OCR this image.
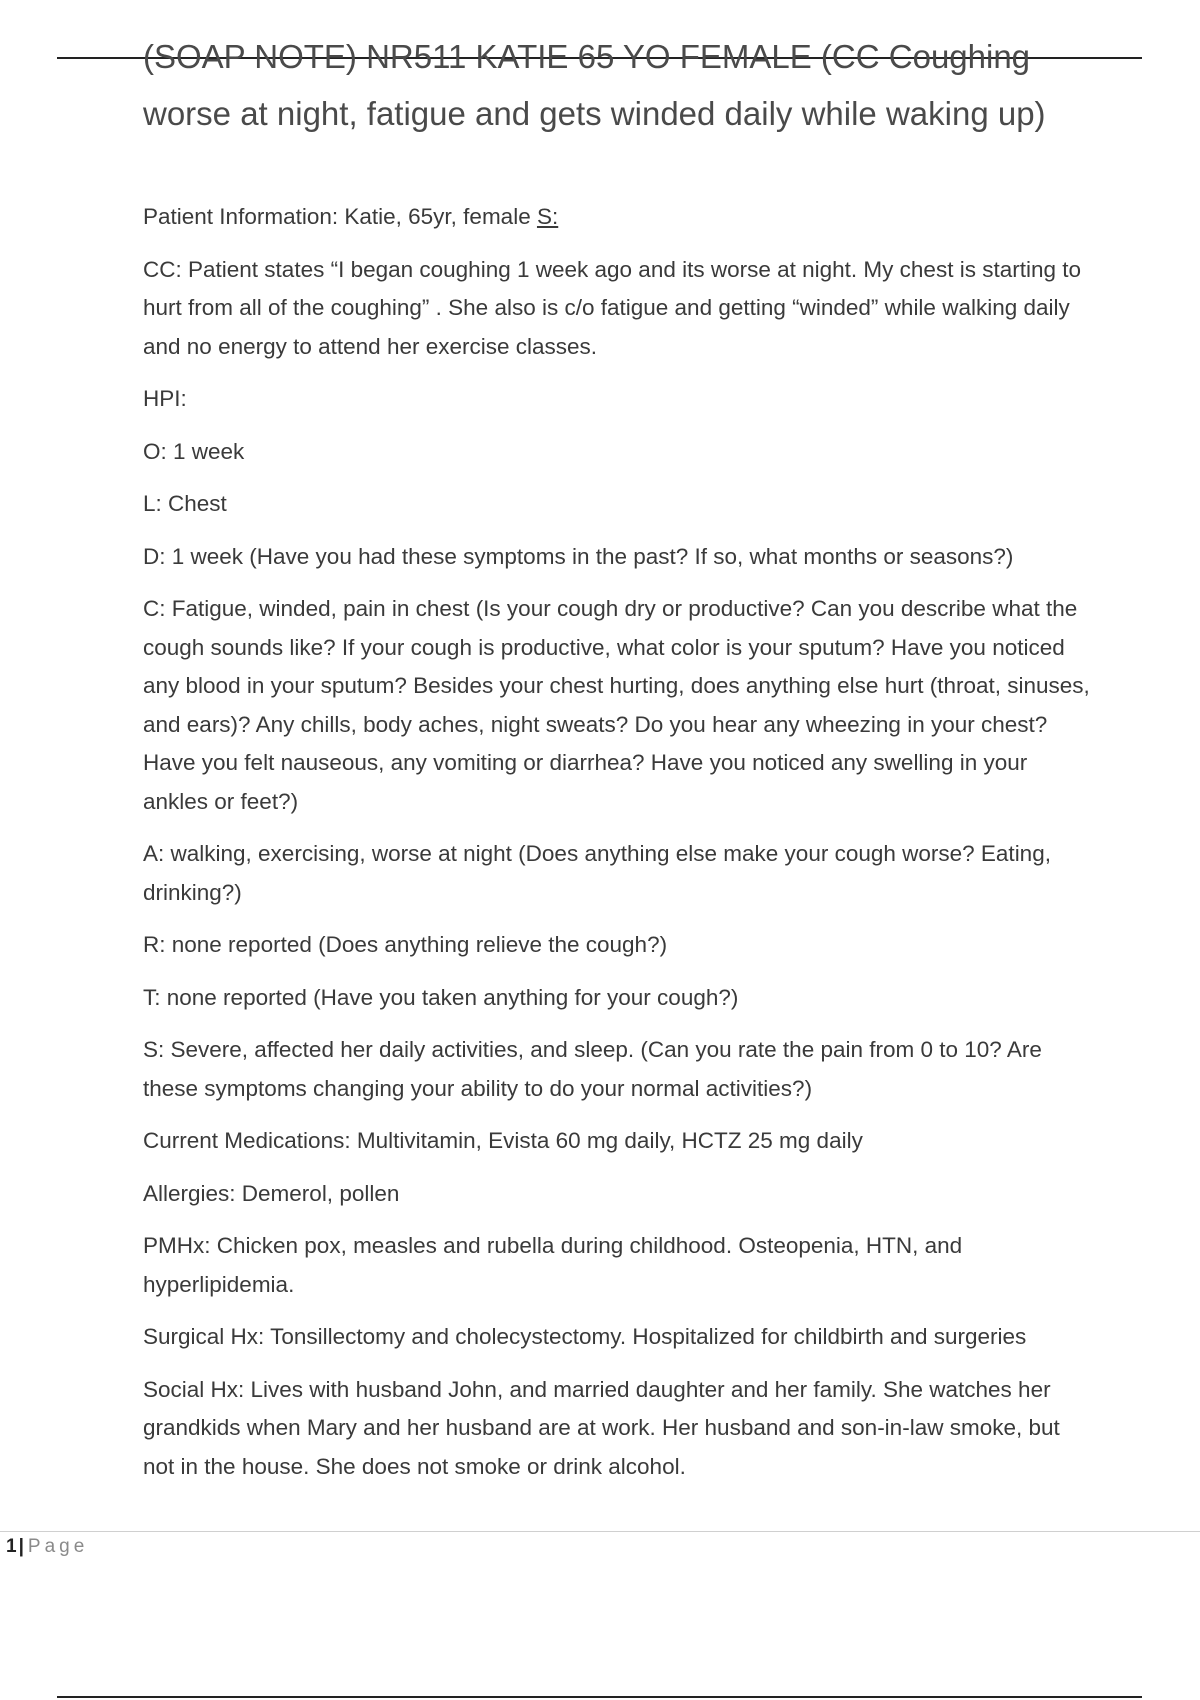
(SOAP NOTE) NR511 KATIE 65 YO FEMALE (CC Coughing worse at night, fatigue and gets winded daily while waking up)

Patient Information: Katie, 65yr, female S:

CC: Patient states “I began coughing 1 week ago and its worse at night. My chest is starting to hurt from all of the coughing” . She also is c/o fatigue and getting “winded” while walking daily and no energy to attend her exercise classes.

HPI:

O: 1 week

L: Chest

D: 1 week (Have you had these symptoms in the past? If so, what months or seasons?)

C: Fatigue, winded, pain in chest (Is your cough dry or productive? Can you describe what the cough sounds like? If your cough is productive, what color is your sputum? Have you noticed any blood in your sputum? Besides your chest hurting, does anything else hurt (throat, sinuses, and ears)? Any chills, body aches, night sweats? Do you hear any wheezing in your chest? Have you felt nauseous, any vomiting or diarrhea? Have you noticed any swelling in your ankles or feet?)

A: walking, exercising, worse at night (Does anything else make your cough worse? Eating, drinking?)

R: none reported (Does anything relieve the cough?)

T: none reported (Have you taken anything for your cough?)

S: Severe, affected her daily activities, and sleep. (Can you rate the pain from 0 to 10? Are these symptoms changing your ability to do your normal activities?)

Current Medications: Multivitamin, Evista 60 mg daily, HCTZ 25 mg daily

Allergies: Demerol, pollen

PMHx: Chicken pox, measles and rubella during childhood. Osteopenia, HTN, and hyperlipidemia.

Surgical Hx: Tonsillectomy and cholecystectomy. Hospitalized for childbirth and surgeries

Social Hx: Lives with husband John, and married daughter and her family. She watches her grandkids when Mary and her husband are at work. Her husband and son-in-law smoke, but not in the house. She does not smoke or drink alcohol.

1 | Page
